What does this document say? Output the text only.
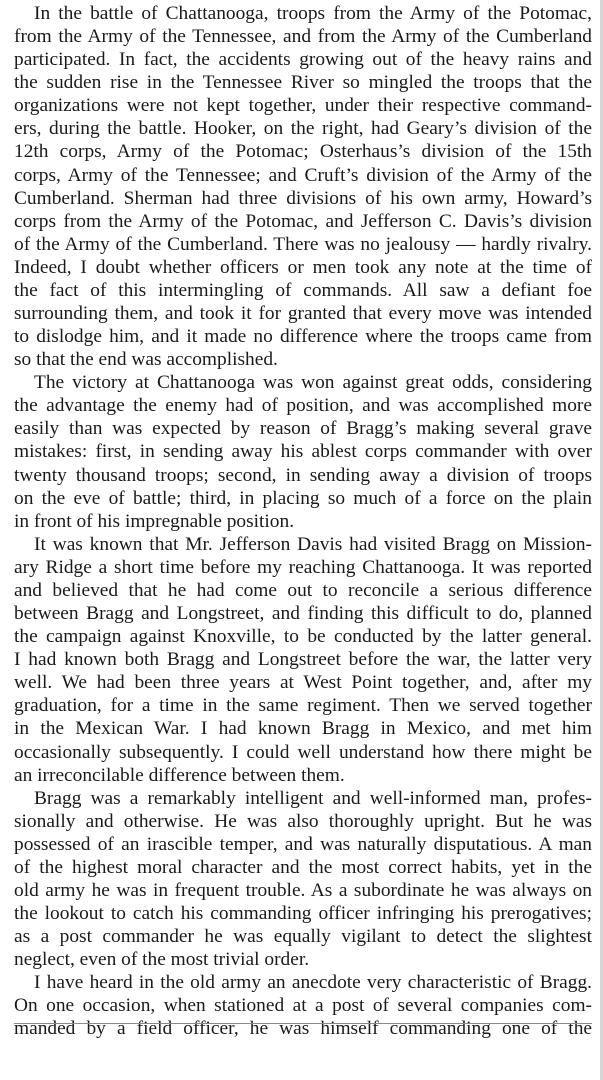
In the battle of Chattanooga, troops from the Army of the Potomac,
from the Army of the Tennessee, and from the Army of the Cumberland
participated. In fact, the accidents growing out of the heavy rains and
the sudden rise in the Tennessee River so mingled the troops that the
organizations were not kept together, under their respective command-
ers, during the battle. Hooker, on the right, had Geary’s division of the
12th corps, Army of the Potomac; Osterhaus’s division of the 15th
corps, Army of the Tennessee; and Cruft’s division of the Army of the
Cumberland. Sherman had three divisions of his own army, Howard’s
corps from the Army of the Potomac, and Jefferson C. Davis’s division
of the Army of the Cumberland. There was no jealousy — hardly rivalry.
Indeed, I doubt whether officers or men took any note at the time of
the fact of this intermingling of commands. All saw a defiant foe
surrounding them, and took it for granted that every move was intended
to dislodge him, and it made no difference where the troops came from
so that the end was accomplished.
The victory at Chattanooga was won against great odds, considering
the advantage the enemy had of position, and was accomplished more
easily than was expected by reason of Bragg’s making several grave
mistakes: first, in sending away his ablest corps commander with over
twenty thousand troops; second, in sending away a division of troops
on the eve of battle; third, in placing so much of a force on the plain
in front of his impregnable position.
It was known that Mr. Jefferson Davis had visited Bragg on Mission-
ary Ridge a short time before my reaching Chattanooga. It was reported
and believed that he had come out to reconcile a serious difference
between Bragg and Longstreet, and finding this difficult to do, planned
the campaign against Knoxville, to be conducted by the latter general.
I had known both Bragg and Longstreet before the war, the latter very
well. We had been three years at West Point together, and, after my
graduation, for a time in the same regiment. Then we served together
in the Mexican War. I had known Bragg in Mexico, and met him
occasionally subsequently. I could well understand how there might be
an irreconcilable difference between them.
Bragg was a remarkably intelligent and well-informed man, profes-
sionally and otherwise. He was also thoroughly upright. But he was
possessed of an irascible temper, and was naturally disputatious. A man
of the highest moral character and the most correct habits, yet in the
old army he was in frequent trouble. As a subordinate he was always on
the lookout to catch his commanding officer infringing his prerogatives;
as a post commander he was equally vigilant to detect the slightest
neglect, even of the most trivial order.
I have heard in the old army an anecdote very characteristic of Bragg.
On one occasion, when stationed at a post of several companies com-
manded by a field officer, he was himself commanding one of the
